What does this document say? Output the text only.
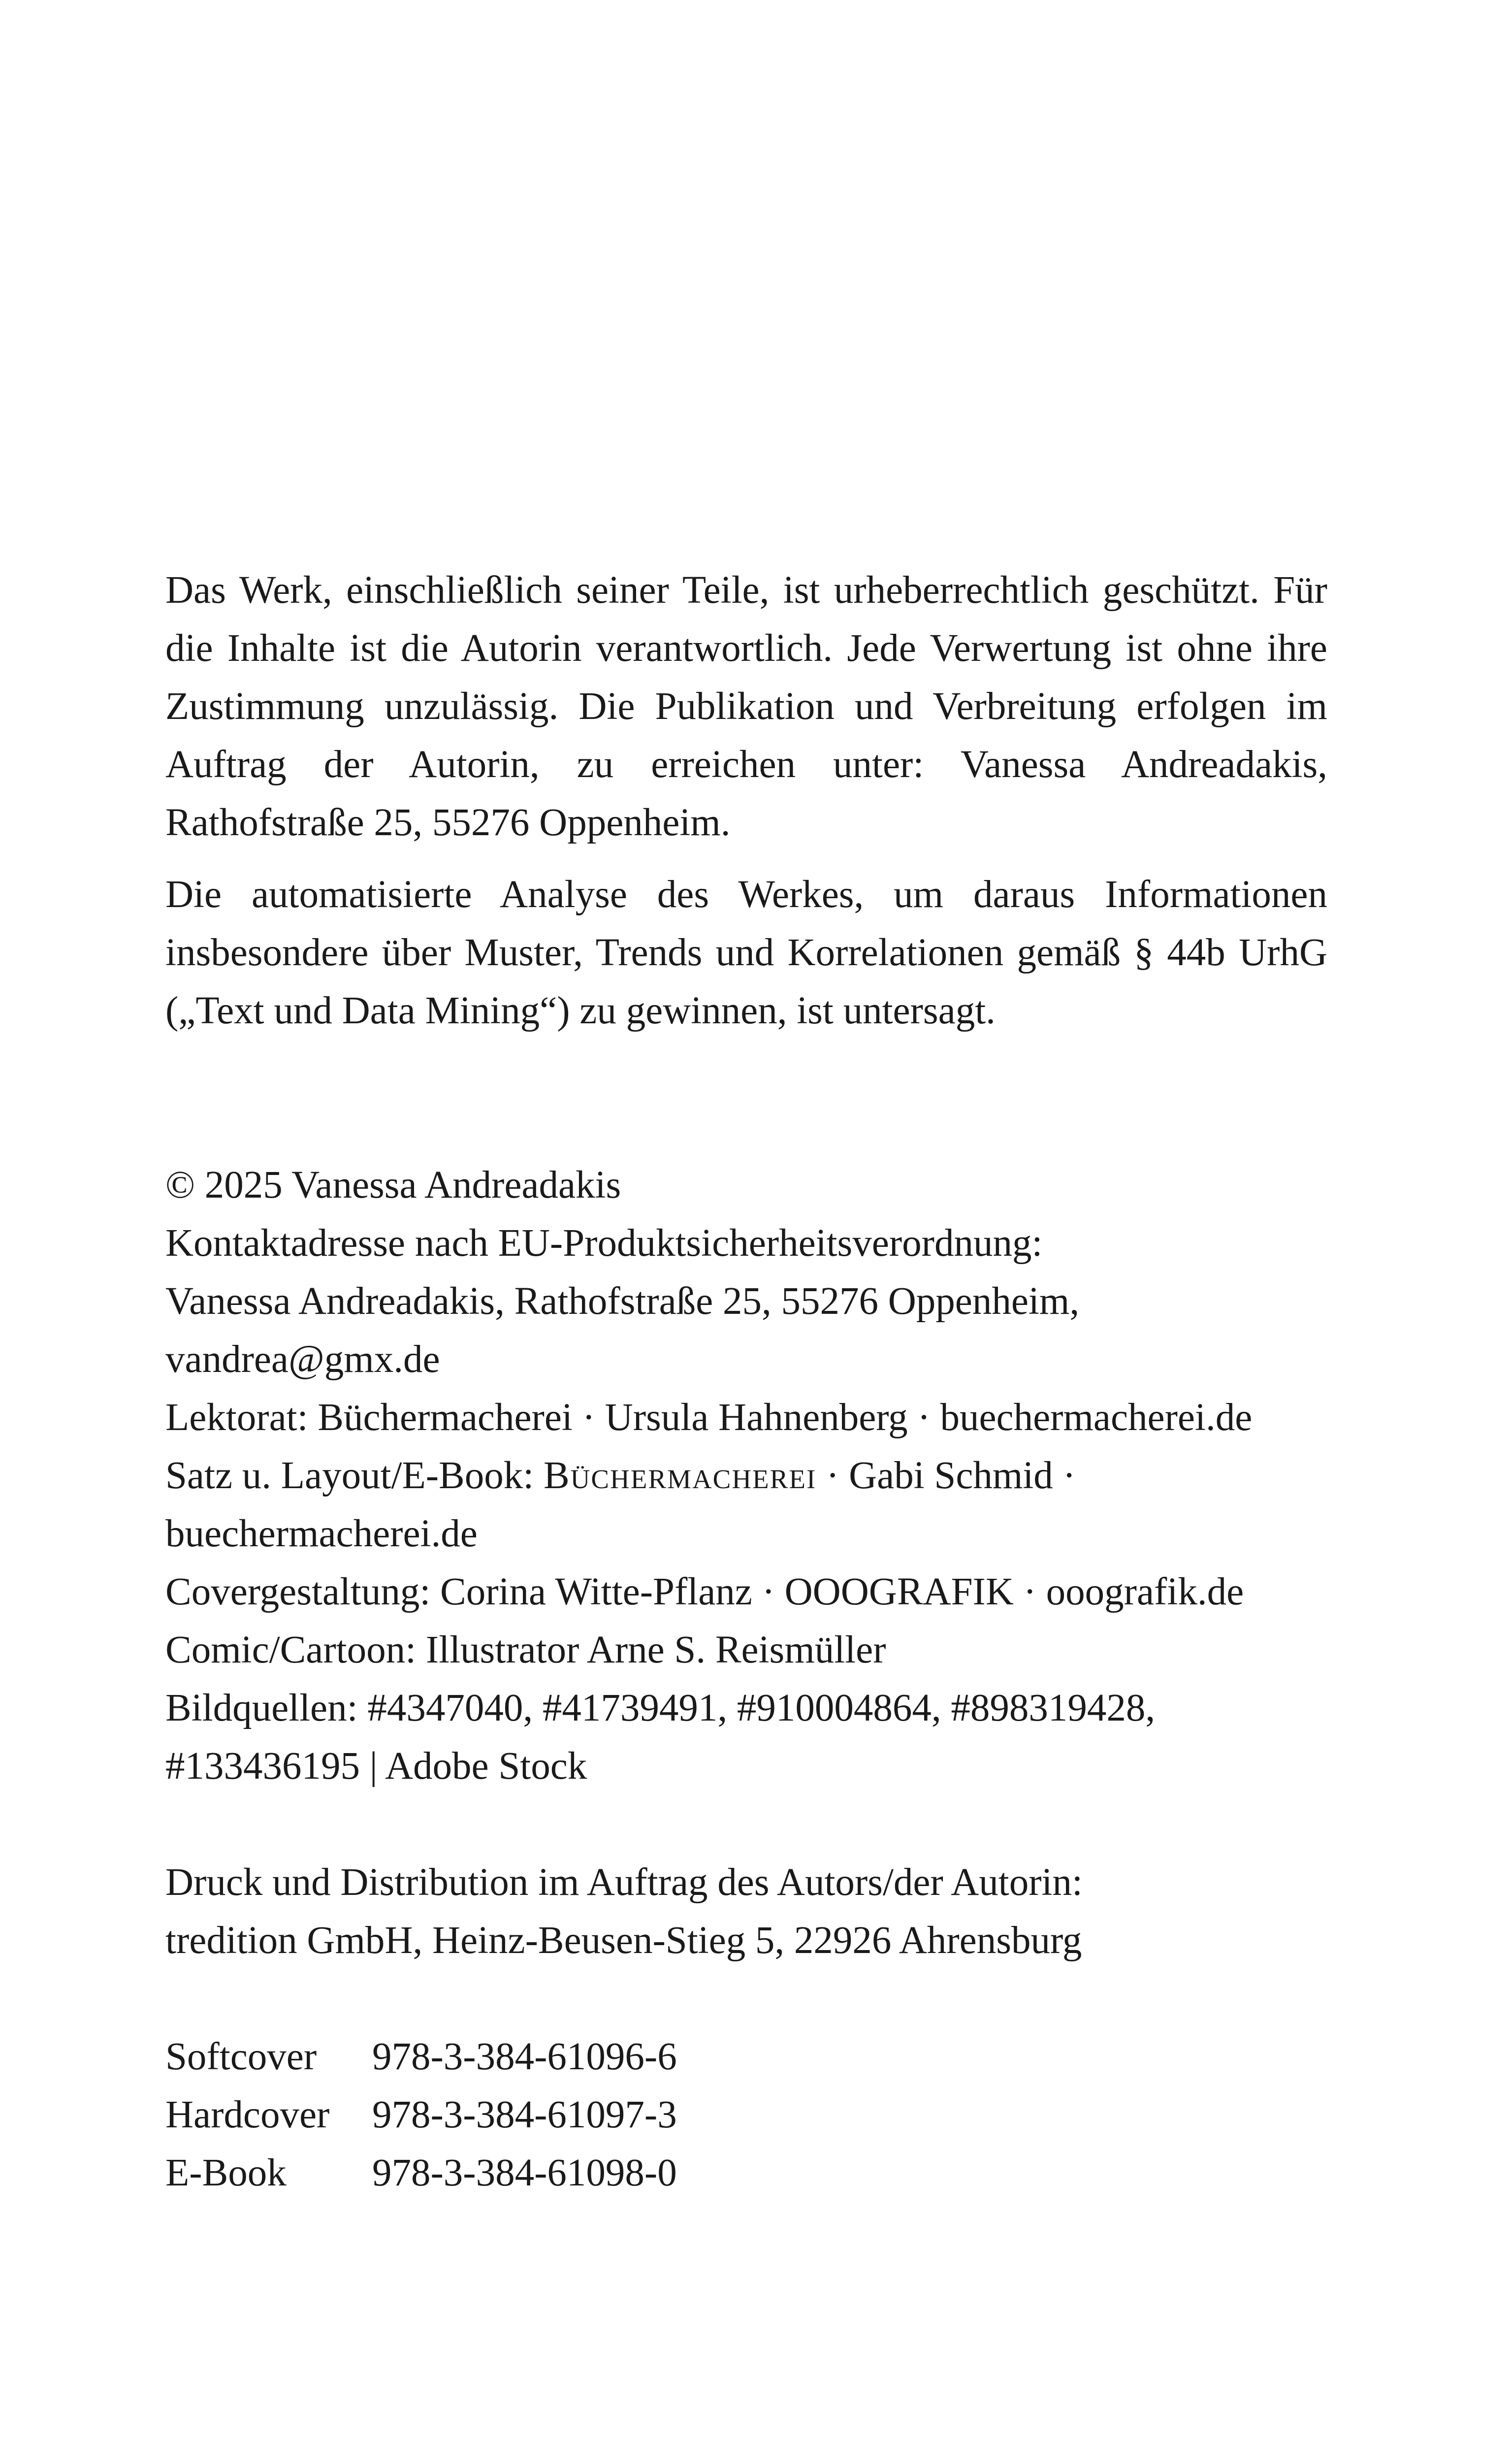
Das Werk, einschließlich seiner Teile, ist urheberrechtlich geschützt. Für die Inhalte ist die Autorin verantwortlich. Jede Verwertung ist ohne ihre Zustimmung unzulässig. Die Publikation und Verbreitung erfolgen im Auftrag der Autorin, zu erreichen unter: Vanessa Andreadakis, Rathofstraße 25, 55276 Oppenheim.

Die automatisierte Analyse des Werkes, um daraus Informationen insbesondere über Muster, Trends und Korrelationen gemäß § 44b UrhG („Text und Data Mining“) zu gewinnen, ist untersagt.

© 2025 Vanessa Andreadakis
Kontaktadresse nach EU-Produktsicherheitsverordnung:
Vanessa Andreadakis, Rathofstraße 25, 55276 Oppenheim,
vandrea@gmx.de
Lektorat: Büchermacherei · Ursula Hahnenberg · buechermacherei.de
Satz u. Layout/E-Book: Büchermacherei · Gabi Schmid ·
buechermacherei.de
Covergestaltung: Corina Witte-Pflanz · OOOGRAFIK · ooografik.de
Comic/Cartoon: Illustrator Arne S. Reismüller
Bildquellen: #4347040, #41739491, #910004864, #898319428,
#133436195 | Adobe Stock
Druck und Distribution im Auftrag des Autors/der Autorin:
tredition GmbH, Heinz-Beusen-Stieg 5, 22926 Ahrensburg
Softcover	978-3-384-61096-6
Hardcover	978-3-384-61097-3
E-Book	978-3-384-61098-0
